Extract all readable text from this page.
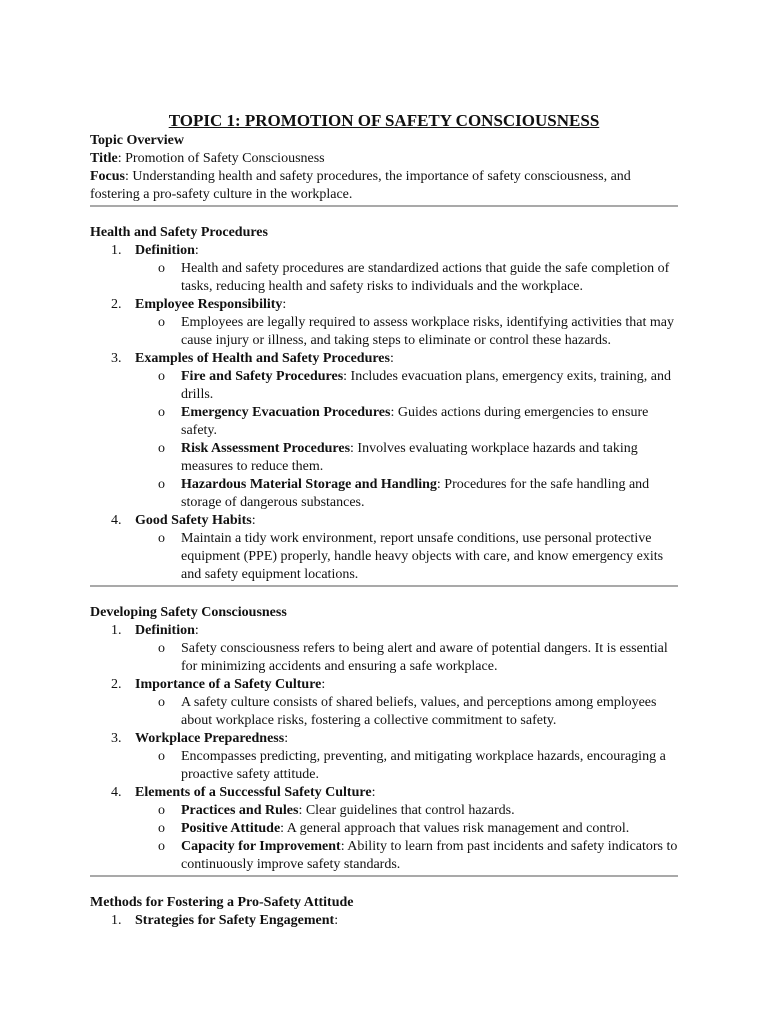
TOPIC 1: PROMOTION OF SAFETY CONSCIOUSNESS
Topic Overview
Title: Promotion of Safety Consciousness
Focus: Understanding health and safety procedures, the importance of safety consciousness, and fostering a pro-safety culture in the workplace.
Health and Safety Procedures
1. Definition:
o Health and safety procedures are standardized actions that guide the safe completion of tasks, reducing health and safety risks to individuals and the workplace.
2. Employee Responsibility:
o Employees are legally required to assess workplace risks, identifying activities that may cause injury or illness, and taking steps to eliminate or control these hazards.
3. Examples of Health and Safety Procedures:
o Fire and Safety Procedures: Includes evacuation plans, emergency exits, training, and drills.
o Emergency Evacuation Procedures: Guides actions during emergencies to ensure safety.
o Risk Assessment Procedures: Involves evaluating workplace hazards and taking measures to reduce them.
o Hazardous Material Storage and Handling: Procedures for the safe handling and storage of dangerous substances.
4. Good Safety Habits:
o Maintain a tidy work environment, report unsafe conditions, use personal protective equipment (PPE) properly, handle heavy objects with care, and know emergency exits and safety equipment locations.
Developing Safety Consciousness
1. Definition:
o Safety consciousness refers to being alert and aware of potential dangers. It is essential for minimizing accidents and ensuring a safe workplace.
2. Importance of a Safety Culture:
o A safety culture consists of shared beliefs, values, and perceptions among employees about workplace risks, fostering a collective commitment to safety.
3. Workplace Preparedness:
o Encompasses predicting, preventing, and mitigating workplace hazards, encouraging a proactive safety attitude.
4. Elements of a Successful Safety Culture:
o Practices and Rules: Clear guidelines that control hazards.
o Positive Attitude: A general approach that values risk management and control.
o Capacity for Improvement: Ability to learn from past incidents and safety indicators to continuously improve safety standards.
Methods for Fostering a Pro-Safety Attitude
1. Strategies for Safety Engagement:
